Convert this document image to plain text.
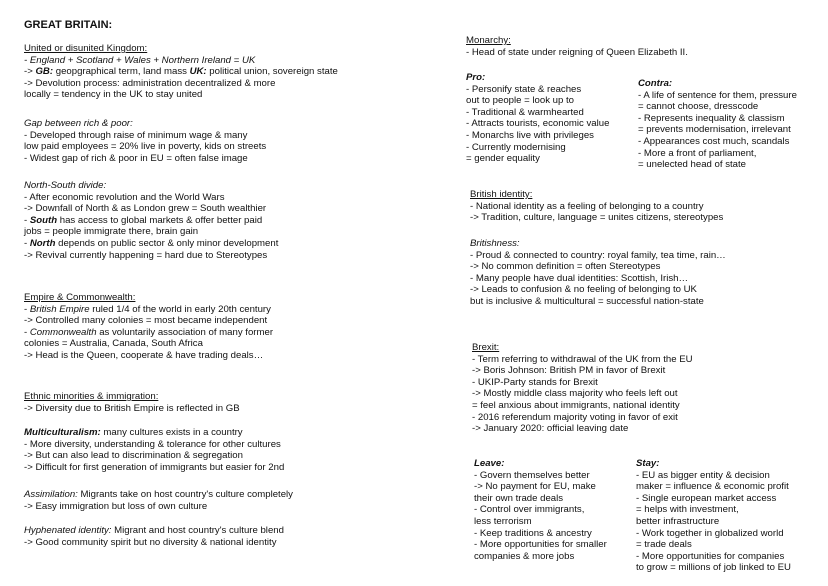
GREAT BRITAIN:
United or disunited Kingdom:
- England + Scotland + Wales + Northern Ireland = UK
-> GB: geopgraphical term, land mass UK: political union, sovereign state
-> Devolution process: administration decentralized & more
locally = tendency in the UK to stay united
Gap between rich & poor:
- Developed through raise of minimum wage & many
low paid employees = 20% live in poverty, kids on streets
- Widest gap of rich & poor in EU = often false image
North-South divide:
- After economic revolution and the World Wars
-> Downfall of North & as London grew = South wealthier
- South has access to global markets & offer better paid
jobs = people immigrate there, brain gain
- North depends on public sector & only minor development
-> Revival currently happening = hard due to Stereotypes
Empire & Commonwealth:
- British Empire ruled 1/4 of the world in early 20th century
-> Controlled many colonies = most became independent
- Commonwealth as voluntarily association of many former
colonies = Australia, Canada, South Africa
-> Head is the Queen, cooperate & have trading deals…
Ethnic minorities & immigration:
-> Diversity due to British Empire is reflected in GB
Multiculturalism: many cultures exists in a country
- More diversity, understanding & tolerance for other cultures
-> But can also lead to discrimination & segregation
-> Difficult for first generation of immigrants but easier for 2nd
Assimilation: Migrants take on host country's culture completely
-> Easy immigration but loss of own culture
Hyphenated identity: Migrant and host country's culture blend
-> Good community spirit but no diversity & national identity
Monarchy:
- Head of state under reigning of Queen Elizabeth II.
Pro:
- Personify state & reaches
out to people = look up to
- Traditional & warmhearted
- Attracts tourists, economic value
- Monarchs live with privileges
- Currently modernising
= gender equality
Contra:
- A life of sentence for them, pressure
= cannot choose, dresscode
- Represents inequality & classism
= prevents modernisation, irrelevant
- Appearances cost much, scandals
- More a front of parliament,
= unelected head of state
British identity:
- National identity as a feeling of belonging to a country
-> Tradition, culture, language = unites citizens, stereotypes
Britishness:
- Proud & connected to country: royal family, tea time, rain…
-> No common definition = often Stereotypes
- Many people have dual identities: Scottish, Irish…
-> Leads to confusion & no feeling of belonging to UK
but is inclusive & multicultural = successful nation-state
Brexit:
- Term referring to withdrawal of the UK from the EU
-> Boris Johnson: British PM in favor of Brexit
- UKIP-Party stands for Brexit
-> Mostly middle class majority who feels left out
= feel anxious about immigrants, national identity
- 2016 referendum majority voting in favor of exit
-> January 2020: official leaving date
Leave:
- Govern themselves better
-> No payment for EU, make
their own trade deals
- Control over immigrants,
less terrorism
- Keep traditions & ancestry
- More opportunities for smaller
companies & more jobs
Stay:
- EU as bigger entity & decision
maker = influence & economic profit
- Single european market access
= helps with investment,
better infrastructure
- Work together in globalized world
= trade deals
- More opportunities for companies
to grow = millions of job linked to EU
